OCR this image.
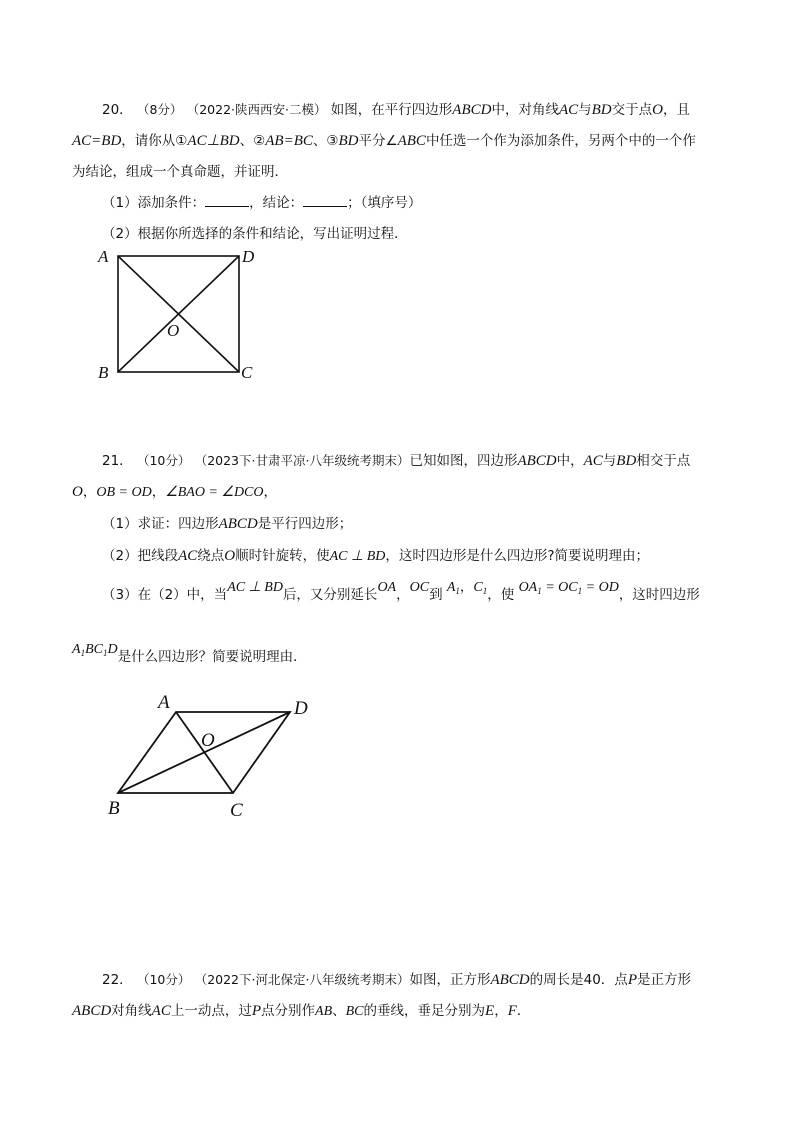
20． （8分） （2022·陕西西安·二模） 如图，在平行四边形ABCD中，对角线AC与BD交于点O，且
AC=BD，请你从①AC⊥BD、②AB=BC、③BD平分∠ABC中任选一个作为添加条件，另两个中的一个作
为结论，组成一个真命题，并证明．
（1）添加条件：	，结论：	；（填序号）
（2）根据你所选择的条件和结论，写出证明过程．
A	D
B	C
O
21． （10分） （2023下·甘肃平凉·八年级统考期末）已知如图，四边形ABCD中，AC与BD相交于点
O，OB = OD，∠BAO = ∠DCO，
（1）求证：四边形ABCD是平行四边形；
（2）把线段AC绕点O顺时针旋转，使AC ⊥ BD，这时四边形是什么四边形?简要说明理由；
（3）在（2）中，当AC ⊥ BD后，又分别延长OA，OC到 $A_1$，$C_1$，使 $OA_1 = OC_1$ = OD，这时四边形
$A_1BC_1D$是什么四边形？简要说明理由．
A	D
B	C
O
22． （10分） （2022下·河北保定·八年级统考期末）如图，正方形ABCD的周长是40．点P是正方形
ABCD对角线AC上一动点，过P点分别作AB、BC的垂线，垂足分别为E，F．
